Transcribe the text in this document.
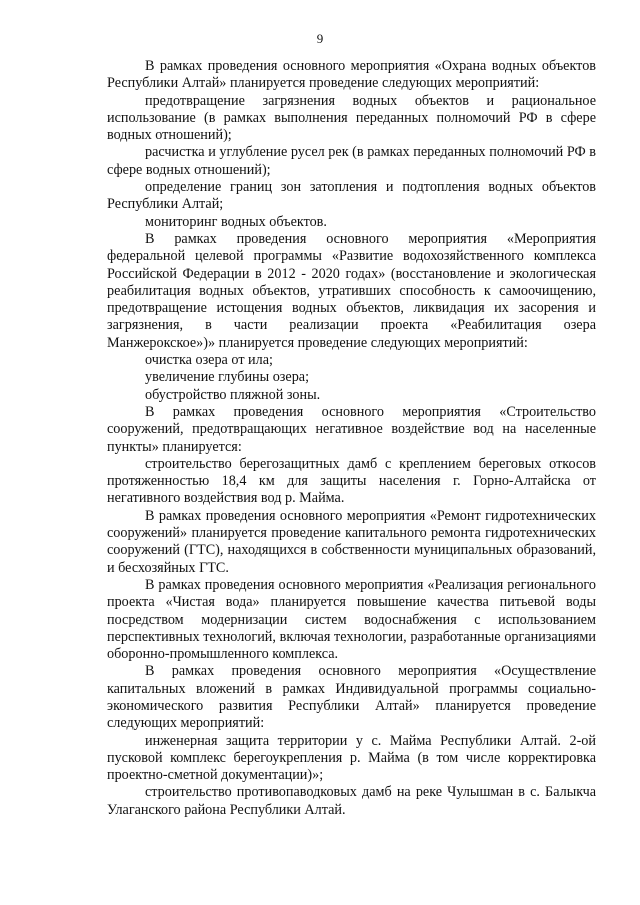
9

В рамках проведения основного мероприятия «Охрана водных объектов Республики Алтай» планируется проведение следующих мероприятий:

предотвращение загрязнения водных объектов и рациональное использование (в рамках выполнения переданных полномочий РФ в сфере водных отношений);

расчистка и углубление русел рек (в рамках переданных полномочий РФ в сфере водных отношений);

определение границ зон затопления и подтопления водных объектов Республики Алтай;

мониторинг водных объектов.

В рамках проведения основного мероприятия «Мероприятия федеральной целевой программы «Развитие водохозяйственного комплекса Российской Федерации в 2012 - 2020 годах» (восстановление и экологическая реабилитация водных объектов, утративших способность к самоочищению, предотвращение истощения водных объектов, ликвидация их засорения и загрязнения, в части реализации проекта «Реабилитация озера Манжерокское»)» планируется проведение следующих мероприятий:

очистка озера от ила;

увеличение глубины озера;

обустройство пляжной зоны.

В рамках проведения основного мероприятия «Строительство сооружений, предотвращающих негативное воздействие вод на населенные пункты» планируется:

строительство берегозащитных дамб с креплением береговых откосов протяженностью 18,4 км для защиты населения г. Горно-Алтайска от негативного воздействия вод р. Майма.

В рамках проведения основного мероприятия «Ремонт гидротехнических сооружений» планируется проведение капитального ремонта гидротехнических сооружений (ГТС), находящихся в собственности муниципальных образований, и бесхозяйных ГТС.

В рамках проведения основного мероприятия «Реализация регионального проекта «Чистая вода» планируется повышение качества питьевой воды посредством модернизации систем водоснабжения с использованием перспективных технологий, включая технологии, разработанные организациями оборонно-промышленного комплекса.

В рамках проведения основного мероприятия «Осуществление капитальных вложений в рамках Индивидуальной программы социально-экономического развития Республики Алтай» планируется проведение следующих мероприятий:

инженерная защита территории у с. Майма Республики Алтай. 2-ой пусковой комплекс берегоукрепления р. Майма (в том числе корректировка проектно-сметной документации)»;

строительство противопаводковых дамб на реке Чулышман в с. Балыкча Улаганского района Республики Алтай.
